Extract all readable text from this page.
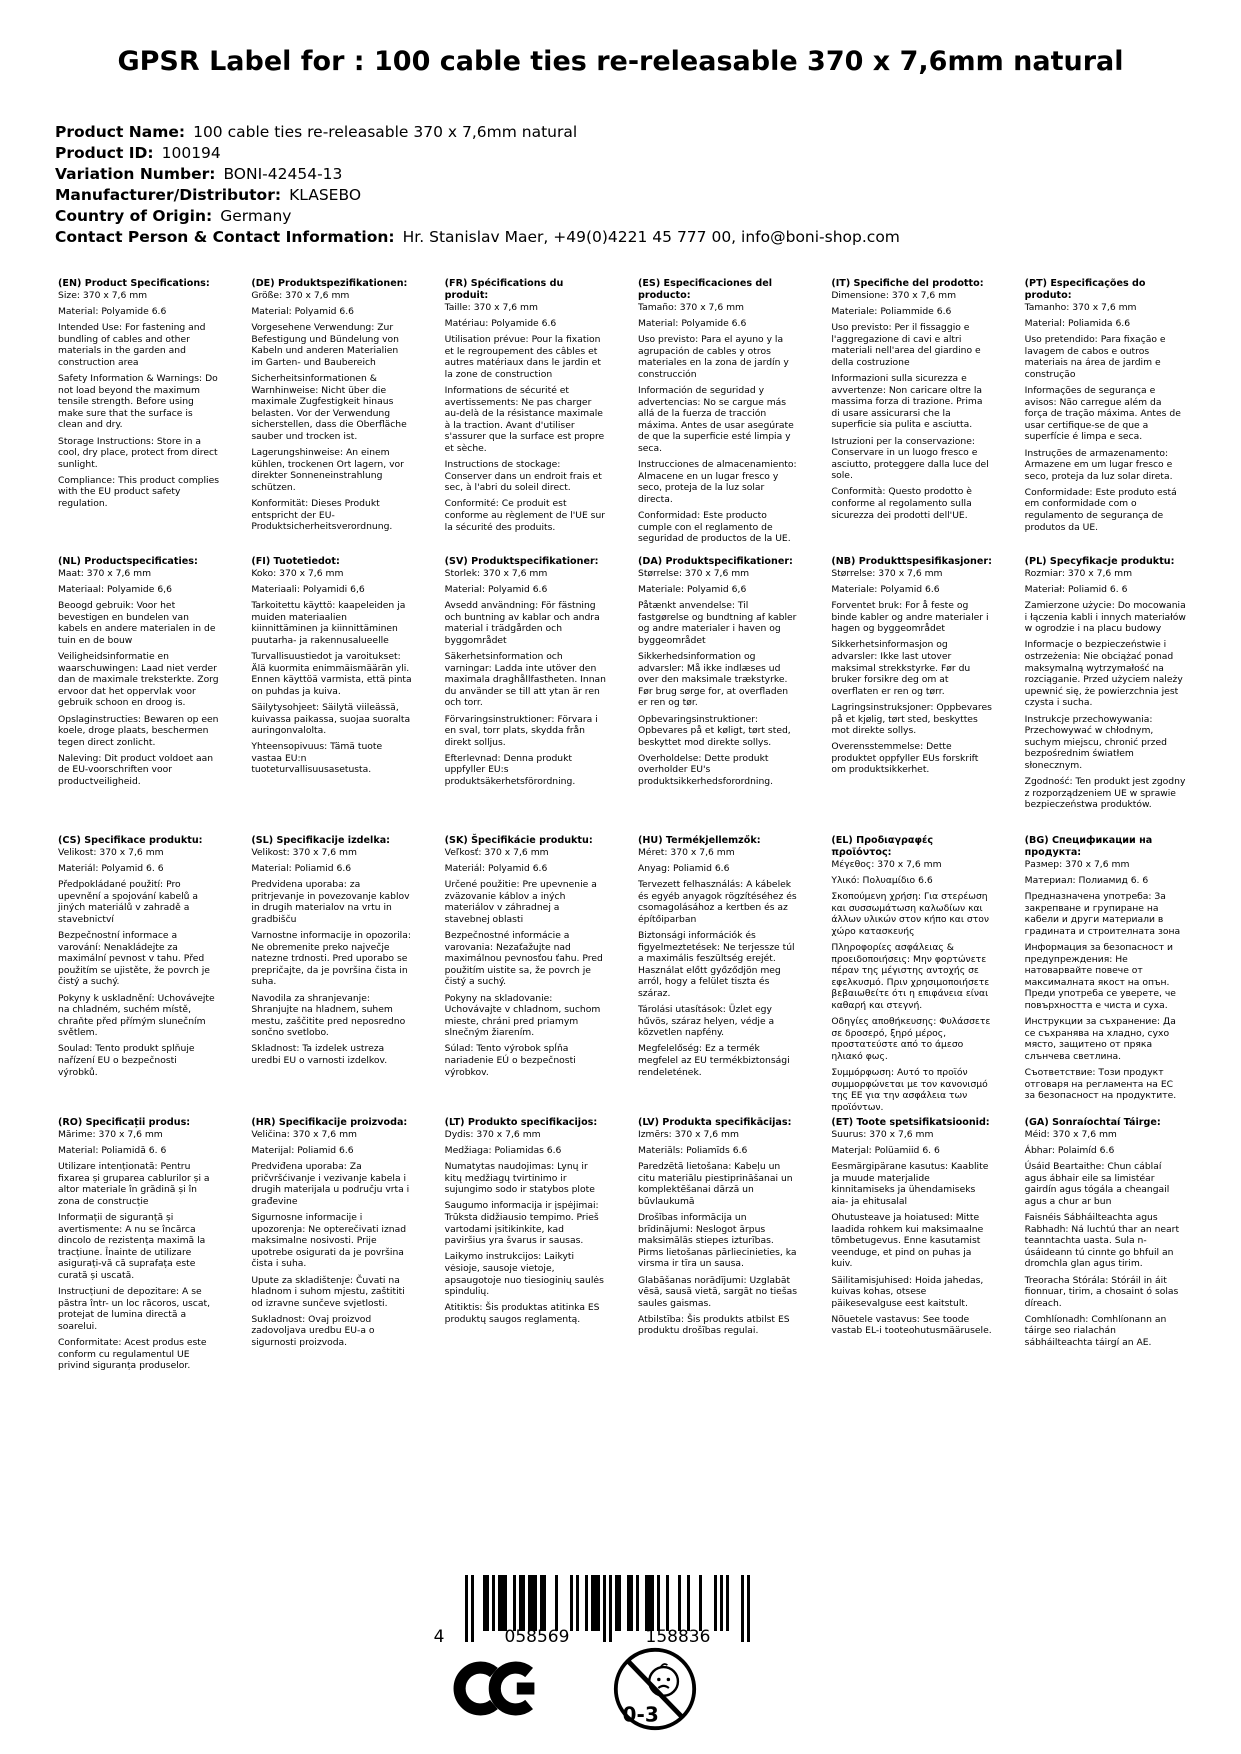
GPSR Label for : 100 cable ties re-releasable 370 x 7,6mm natural
Product Name: 100 cable ties re-releasable 370 x 7,6mm natural
Product ID: 100194
Variation Number: BONI-42454-13
Manufacturer/Distributor: KLASEBO
Country of Origin: Germany
Contact Person & Contact Information: Hr. Stanislav Maer, +49(0)4221 45 777 00, info@boni-shop.com
(EN) Product Specifications:

Size: 370 x 7,6 mm

Material: Polyamide 6.6

Intended Use: For fastening and bundling of cables and other materials in the garden and construction area

Safety Information & Warnings: Do not load beyond the maximum tensile strength. Before using make sure that the surface is clean and dry.

Storage Instructions: Store in a cool, dry place, protect from direct sunlight.

Compliance: This product complies with the EU product safety regulation.

(DE) Produktspezifikationen:

Größe: 370 x 7,6 mm

Material: Polyamid 6.6

Vorgesehene Verwendung: Zur Befestigung und Bündelung von Kabeln und anderen Materialien im Garten- und Baubereich

Sicherheitsinformationen & Warnhinweise: Nicht über die maximale Zugfestigkeit hinaus belasten. Vor der Verwendung sicherstellen, dass die Oberfläche sauber und trocken ist.

Lagerungshinweise: An einem kühlen, trockenen Ort lagern, vor direkter Sonneneinstrahlung schützen.

Konformität: Dieses Produkt entspricht der EU-Produktsicherheitsverordnung.

(FR) Spécifications du produit:

Taille: 370 x 7,6 mm

Matériau: Polyamide 6.6

Utilisation prévue: Pour la fixation et le regroupement des câbles et autres matériaux dans le jardin et la zone de construction

Informations de sécurité et avertissements: Ne pas charger au-delà de la résistance maximale à la traction. Avant d'utiliser s'assurer que la surface est propre et sèche.

Instructions de stockage: Conserver dans un endroit frais et sec, à l'abri du soleil direct.

Conformité: Ce produit est conforme au règlement de l'UE sur la sécurité des produits.

(ES) Especificaciones del producto:

Tamaño: 370 x 7,6 mm

Material: Polyamide 6.6

Uso previsto: Para el ayuno y la agrupación de cables y otros materiales en la zona de jardín y construcción

Información de seguridad y advertencias: No se cargue más allá de la fuerza de tracción máxima. Antes de usar asegúrate de que la superficie esté limpia y seca.

Instrucciones de almacenamiento: Almacene en un lugar fresco y seco, proteja de la luz solar directa.

Conformidad: Este producto cumple con el reglamento de seguridad de productos de la UE.

(IT) Specifiche del prodotto:

Dimensione: 370 x 7,6 mm

Materiale: Poliammide 6.6

Uso previsto: Per il fissaggio e l'aggregazione di cavi e altri materiali nell'area del giardino e della costruzione

Informazioni sulla sicurezza e avvertenze: Non caricare oltre la massima forza di trazione. Prima di usare assicurarsi che la superficie sia pulita e asciutta.

Istruzioni per la conservazione: Conservare in un luogo fresco e asciutto, proteggere dalla luce del sole.

Conformità: Questo prodotto è conforme al regolamento sulla sicurezza dei prodotti dell'UE.

(PT) Especificações do produto:

Tamanho: 370 x 7,6 mm

Material: Poliamida 6.6

Uso pretendido: Para fixação e lavagem de cabos e outros materiais na área de jardim e construção

Informações de segurança e avisos: Não carregue além da força de tração máxima. Antes de usar certifique-se de que a superfície é limpa e seca.

Instruções de armazenamento: Armazene em um lugar fresco e seco, proteja da luz solar direta.

Conformidade: Este produto está em conformidade com o regulamento de segurança de produtos da UE.

(NL) Productspecificaties:

Maat: 370 x 7,6 mm

Materiaal: Polyamide 6,6

Beoogd gebruik: Voor het bevestigen en bundelen van kabels en andere materialen in de tuin en de bouw

Veiligheidsinformatie en waarschuwingen: Laad niet verder dan de maximale treksterkte. Zorg ervoor dat het oppervlak voor gebruik schoon en droog is.

Opslaginstructies: Bewaren op een koele, droge plaats, beschermen tegen direct zonlicht.

Naleving: Dit product voldoet aan de EU-voorschriften voor productveiligheid.

(FI) Tuotetiedot:

Koko: 370 x 7,6 mm

Materiaali: Polyamidi 6,6

Tarkoitettu käyttö: kaapeleiden ja muiden materiaalien kiinnittäminen ja kiinnittäminen puutarha- ja rakennusalueelle

Turvallisuustiedot ja varoitukset: Älä kuormita enimmäismäärän yli. Ennen käyttöä varmista, että pinta on puhdas ja kuiva.

Säilytysohjeet: Säilytä viileässä, kuivassa paikassa, suojaa suoralta auringonvalolta.

Yhteensopivuus: Tämä tuote vastaa EU:n tuoteturvallisuusasetusta.

(SV) Produktspecifikationer:

Storlek: 370 x 7,6 mm

Material: Polyamid 6.6

Avsedd användning: För fästning och buntning av kablar och andra material i trädgården och byggområdet

Säkerhetsinformation och varningar: Ladda inte utöver den maximala draghållfastheten. Innan du använder se till att ytan är ren och torr.

Förvaringsinstruktioner: Förvara i en sval, torr plats, skydda från direkt solljus.

Efterlevnad: Denna produkt uppfyller EU:s produktsäkerhetsförordning.

(DA) Produktspecifikationer:

Størrelse: 370 x 7,6 mm

Materiale: Polyamid 6,6

Påtænkt anvendelse: Til fastgørelse og bundtning af kabler og andre materialer i haven og byggeområdet

Sikkerhedsinformation og advarsler: Må ikke indlæses ud over den maksimale trækstyrke. Før brug sørge for, at overfladen er ren og tør.

Opbevaringsinstruktioner: Opbevares på et køligt, tørt sted, beskyttet mod direkte sollys.

Overholdelse: Dette produkt overholder EU's produktsikkerhedsforordning.

(NB) Produkttspesifikasjoner:

Størrelse: 370 x 7,6 mm

Materiale: Polyamid 6.6

Forventet bruk: For å feste og binde kabler og andre materialer i hagen og byggeområdet

Sikkerhetsinformasjon og advarsler: Ikke last utover maksimal strekkstyrke. Før du bruker forsikre deg om at overflaten er ren og tørr.

Lagringsinstruksjoner: Oppbevares på et kjølig, tørt sted, beskyttes mot direkte sollys.

Overensstemmelse: Dette produktet oppfyller EUs forskrift om produktsikkerhet.

(PL) Specyfikacje produktu:

Rozmiar: 370 x 7,6 mm

Materiał: Poliamid 6. 6

Zamierzone użycie: Do mocowania i łączenia kabli i innych materiałów w ogrodzie i na placu budowy

Informacje o bezpieczeństwie i ostrzeżenia: Nie obciążać ponad maksymalną wytrzymałość na rozciąganie. Przed użyciem należy upewnić się, że powierzchnia jest czysta i sucha.

Instrukcje przechowywania: Przechowywać w chłodnym, suchym miejscu, chronić przed bezpośrednim światłem słonecznym.

Zgodność: Ten produkt jest zgodny z rozporządzeniem UE w sprawie bezpieczeństwa produktów.

(CS) Specifikace produktu:

Velikost: 370 x 7,6 mm

Materiál: Polyamid 6. 6

Předpokládané použití: Pro upevnění a spojování kabelů a jiných materiálů v zahradě a stavebnictví

Bezpečnostní informace a varování: Nenakládejte za maximální pevnost v tahu. Před použitím se ujistěte, že povrch je čistý a suchý.

Pokyny k uskladnění: Uchovávejte na chladném, suchém místě, chraňte před přímým slunečním světlem.

Soulad: Tento produkt splňuje nařízení EU o bezpečnosti výrobků.

(SL) Specifikacije izdelka:

Velikost: 370 x 7,6 mm

Material: Poliamid 6.6

Predvidena uporaba: za pritrjevanje in povezovanje kablov in drugih materialov na vrtu in gradbišču

Varnostne informacije in opozorila: Ne obremenite preko največje natezne trdnosti. Pred uporabo se prepričajte, da je površina čista in suha.

Navodila za shranjevanje: Shranjujte na hladnem, suhem mestu, zaščitite pred neposredno sončno svetlobo.

Skladnost: Ta izdelek ustreza uredbi EU o varnosti izdelkov.

(SK) Špecifikácie produktu:

Veľkosť: 370 x 7,6 mm

Materiál: Polyamid 6.6

Určené použitie: Pre upevnenie a zväzovanie káblov a iných materiálov v záhradnej a stavebnej oblasti

Bezpečnostné informácie a varovania: Nezaťažujte nad maximálnou pevnosťou ťahu. Pred použitím uistite sa, že povrch je čistý a suchý.

Pokyny na skladovanie: Uchovávajte v chladnom, suchom mieste, chráni pred priamym slnečným žiarením.

Súlad: Tento výrobok spĺňa nariadenie EÚ o bezpečnosti výrobkov.

(HU) Termékjellemzők:

Méret: 370 x 7,6 mm

Anyag: Poliamid 6.6

Tervezett felhasználás: A kábelek és egyéb anyagok rögzítéséhez és csomagolásához a kertben és az építőiparban

Biztonsági információk és figyelmeztetések: Ne terjessze túl a maximális feszültség erejét. Használat előtt győződjön meg arról, hogy a felület tiszta és száraz.

Tárolási utasítások: Üzlet egy hűvös, száraz helyen, védje a közvetlen napfény.

Megfelelőség: Ez a termék megfelel az EU termékbiztonsági rendeletének.

(EL) Προδιαγραφές προϊόντος:

Μέγεθος: 370 x 7,6 mm

Υλικό: Πολυαμίδιο 6.6

Σκοπούμενη χρήση: Για στερέωση και συσσωμάτωση καλωδίων και άλλων υλικών στον κήπο και στον χώρο κατασκευής

Πληροφορίες ασφάλειας & προειδοποιήσεις: Μην φορτώνετε πέραν της μέγιστης αντοχής σε εφελκυσμό. Πριν χρησιμοποιήσετε βεβαιωθείτε ότι η επιφάνεια είναι καθαρή και στεγνή.

Οδηγίες αποθήκευσης: Φυλάσσετε σε δροσερό, ξηρό μέρος, προστατεύστε από το άμεσο ηλιακό φως.

Συμμόρφωση: Αυτό το προϊόν συμμορφώνεται με τον κανονισμό της ΕΕ για την ασφάλεια των προϊόντων.

(BG) Спецификации на продукта:

Размер: 370 x 7,6 mm

Материал: Полиамид 6. 6

Предназначена употреба: За закрепване и групиране на кабели и други материали в градината и строителната зона

Информация за безопасност и предупреждения: Не натоварвайте повече от максималната якост на опън. Преди употреба се уверете, че повърхността е чиста и суха.

Инструкции за съхранение: Да се съхранява на хладно, сухо място, защитено от пряка слънчева светлина.

Съответствие: Този продукт отговаря на регламента на ЕС за безопасност на продуктите.

(RO) Specificații produs:

Mărime: 370 x 7,6 mm

Material: Poliamidă 6. 6

Utilizare intenționată: Pentru fixarea și gruparea cablurilor și a altor materiale în grădină și în zona de construcție

Informații de siguranță și avertismente: A nu se încărca dincolo de rezistența maximă la tracțiune. Înainte de utilizare asigurați-vă că suprafața este curată și uscată.

Instrucțiuni de depozitare: A se păstra într- un loc răcoros, uscat, protejat de lumina directă a soarelui.

Conformitate: Acest produs este conform cu regulamentul UE privind siguranța produselor.

(HR) Specifikacije proizvoda:

Veličina: 370 x 7,6 mm

Materijal: Poliamid 6.6

Predviđena uporaba: Za pričvršćivanje i vezivanje kabela i drugih materijala u području vrta i građevine

Sigurnosne informacije i upozorenja: Ne opterečivati iznad maksimalne nosivosti. Prije upotrebe osigurati da je površina čista i suha.

Upute za skladištenje: Čuvati na hladnom i suhom mjestu, zaštititi od izravne sunčeve svjetlosti.

Sukladnost: Ovaj proizvod zadovoljava uredbu EU-a o sigurnosti proizvoda.

(LT) Produkto specifikacijos:

Dydis: 370 x 7,6 mm

Medžiaga: Poliamidas 6.6

Numatytas naudojimas: Lynų ir kitų medžiagų tvirtinimo ir sujungimo sodo ir statybos plote

Saugumo informacija ir įspėjimai: Trūksta didžiausio tempimo. Prieš vartodami įsitikinkite, kad paviršius yra švarus ir sausas.

Laikymo instrukcijos: Laikyti vėsioje, sausoje vietoje, apsaugotoje nuo tiesioginių saulės spindulių.

Atitiktis: Šis produktas atitinka ES produktų saugos reglamentą.

(LV) Produkta specifikācijas:

Izmērs: 370 x 7,6 mm

Materiāls: Poliamīds 6.6

Paredzētā lietošana: Kabeļu un citu materiālu piestiprināšanai un komplektēšanai dārzā un būvlaukumā

Drošības informācija un brīdinājumi: Neslogot ārpus maksimālās stiepes izturības. Pirms lietošanas pārliecinieties, ka virsma ir tīra un sausa.

Glabāšanas norādījumi: Uzglabāt vēsā, sausā vietā, sargāt no tiešas saules gaismas.

Atbilstība: Šis produkts atbilst ES produktu drošības regulai.

(ET) Toote spetsifikatsioonid:

Suurus: 370 x 7,6 mm

Materjal: Polüamiid 6. 6

Eesmärgipärane kasutus: Kaablite ja muude materjalide kinnitamiseks ja ühendamiseks aia- ja ehitusalal

Ohutusteave ja hoiatused: Mitte laadida rohkem kui maksimaalne tõmbetugevus. Enne kasutamist veenduge, et pind on puhas ja kuiv.

Säilitamisjuhised: Hoida jahedas, kuivas kohas, otsese päikesevalguse eest kaitstult.

Nõuetele vastavus: See toode vastab EL-i tooteohutusmäärusele.

(GA) Sonraíochtaí Táirge:

Méid: 370 x 7,6 mm

Ábhar: Polaimíd 6.6

Úsáid Beartaithe: Chun cáblaí agus ábhair eile sa limistéar gairdín agus tógála a cheangail agus a chur ar bun

Faisnéis Sábháilteachta agus Rabhadh: Ná luchtú thar an neart teanntachta uasta. Sula n-úsáideann tú cinnte go bhfuil an dromchla glan agus tirim.

Treoracha Stórála: Stóráil in áit fionnuar, tirim, a chosaint ó solas díreach.

Comhlíonadh: Comhlíonann an táirge seo rialachán sábháilteachta táirgí an AE.

4	058569	158836
0-3
